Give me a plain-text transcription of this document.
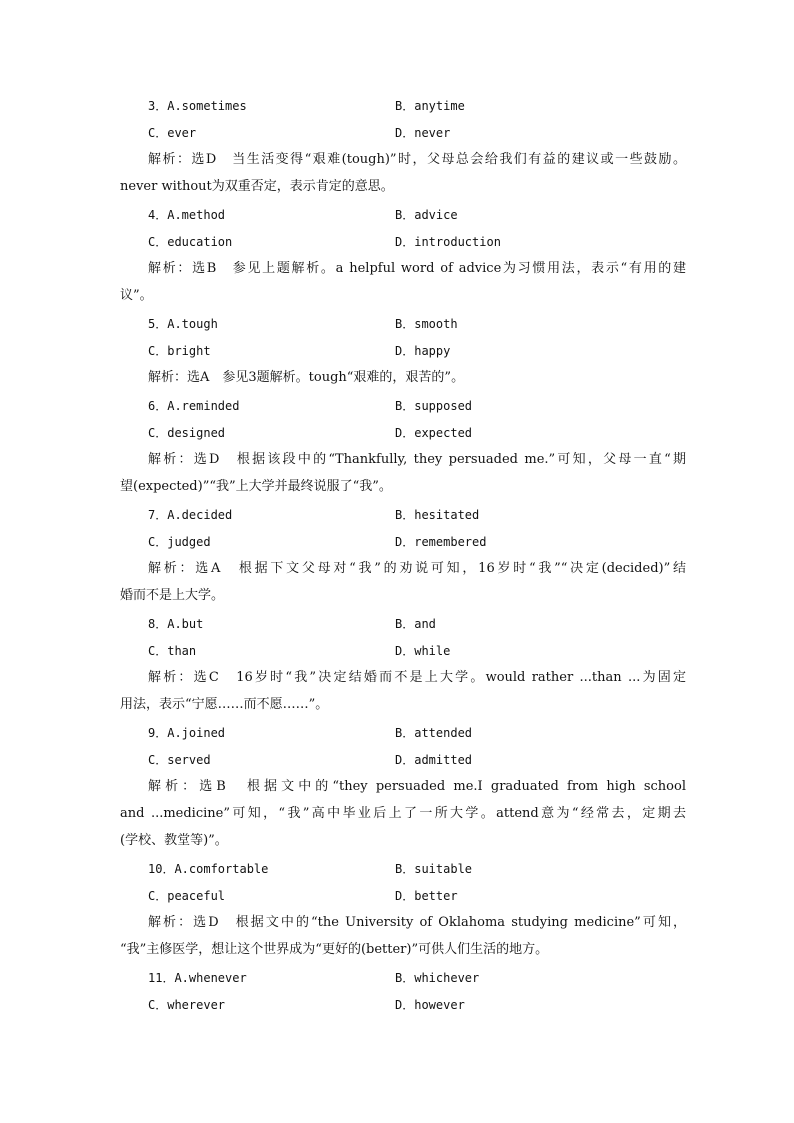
3．A.sometimes	B．anytime
C．ever	D．never
解析：选D　当生活变得“艰难(tough)”时，父母总会给我们有益的建议或一些鼓励。
never without为双重否定，表示肯定的意思。
4．A.method	B．advice
C．education	D．introduction
解析：选B　参见上题解析。a helpful word of advice为习惯用法，表示“有用的建
议”。
5．A.tough	B．smooth
C．bright	D．happy
解析：选A　参见3题解析。tough“艰难的，艰苦的”。
6．A.reminded	B．supposed
C．designed	D．expected
解析：选D　根据该段中的“Thankfully, they persuaded me.”可知，父母一直“期
望(expected)”“我”上大学并最终说服了“我”。
7．A.decided	B．hesitated
C．judged	D．remembered
解析：选A　根据下文父母对“我”的劝说可知，16岁时“我”“决定(decided)”结
婚而不是上大学。
8．A.but	B．and
C．than	D．while
解析：选C　16岁时“我”决定结婚而不是上大学。would rather ...than ...为固定
用法，表示“宁愿……而不愿……”。
9．A.joined	B．attended
C．served	D．admitted
解析：选B　根据文中的“they persuaded me.I graduated from high school
and ...medicine”可知，“我”高中毕业后上了一所大学。attend意为“经常去，定期去
(学校、教堂等)”。
10．A.comfortable	B．suitable
C．peaceful	D．better
解析：选D　根据文中的“the University of Oklahoma studying medicine”可知，
“我”主修医学，想让这个世界成为“更好的(better)”可供人们生活的地方。
11．A.whenever	B．whichever
C．wherever	D．however
